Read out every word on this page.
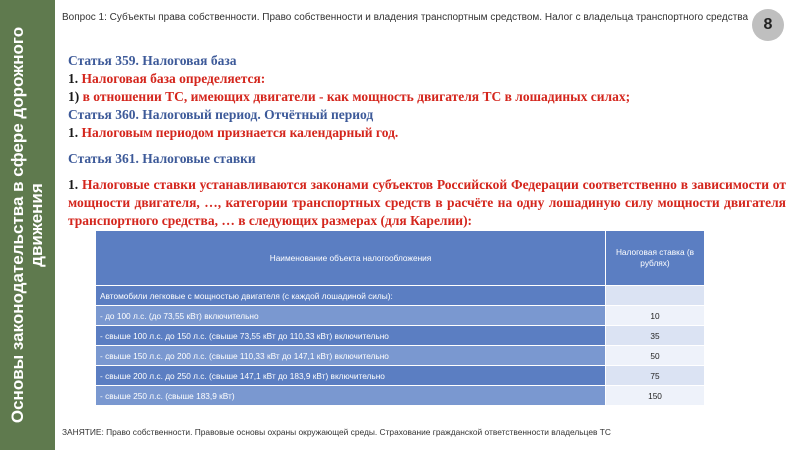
Основы законодательства в сфере дорожного движения
Вопрос 1: Субъекты права собственности. Право собственности и владения транспортным средством. Налог с владельца транспортного средства 8
Статья 359. Налоговая база
1. Налоговая база определяется:
1) в отношении ТС, имеющих двигатели - как мощность двигателя ТС в лошадиных силах;
Статья 360. Налоговый период. Отчётный период
1. Налоговым периодом признается календарный год.
Статья 361. Налоговые ставки
1. Налоговые ставки устанавливаются законами субъектов Российской Федерации соответственно в зависимости от мощности двигателя, …, категории транспортных средств в расчёте на одну лошадиную силу мощности двигателя транспортного средства, … в следующих размерах (для Карелии):
Наименование объекта налогообложения	Налоговая ставка (в рублях)
Автомобили легковые с мощностью двигателя (с каждой лошадиной силы):	
- до 100 л.с. (до 73,55 кВт) включительно	10
- свыше 100 л.с. до 150 л.с. (свыше 73,55 кВт до 110,33 кВт) включительно	35
- свыше 150 л.с. до 200 л.с. (свыше 110,33 кВт до 147,1 кВт) включительно	50
- свыше 200 л.с. до 250 л.с. (свыше 147,1 кВт до 183,9 кВт) включительно	75
- свыше 250 л.с. (свыше 183,9 кВт)	150
ЗАНЯТИЕ: Право собственности. Правовые основы охраны окружающей среды. Страхование гражданской ответственности владельцев ТС
